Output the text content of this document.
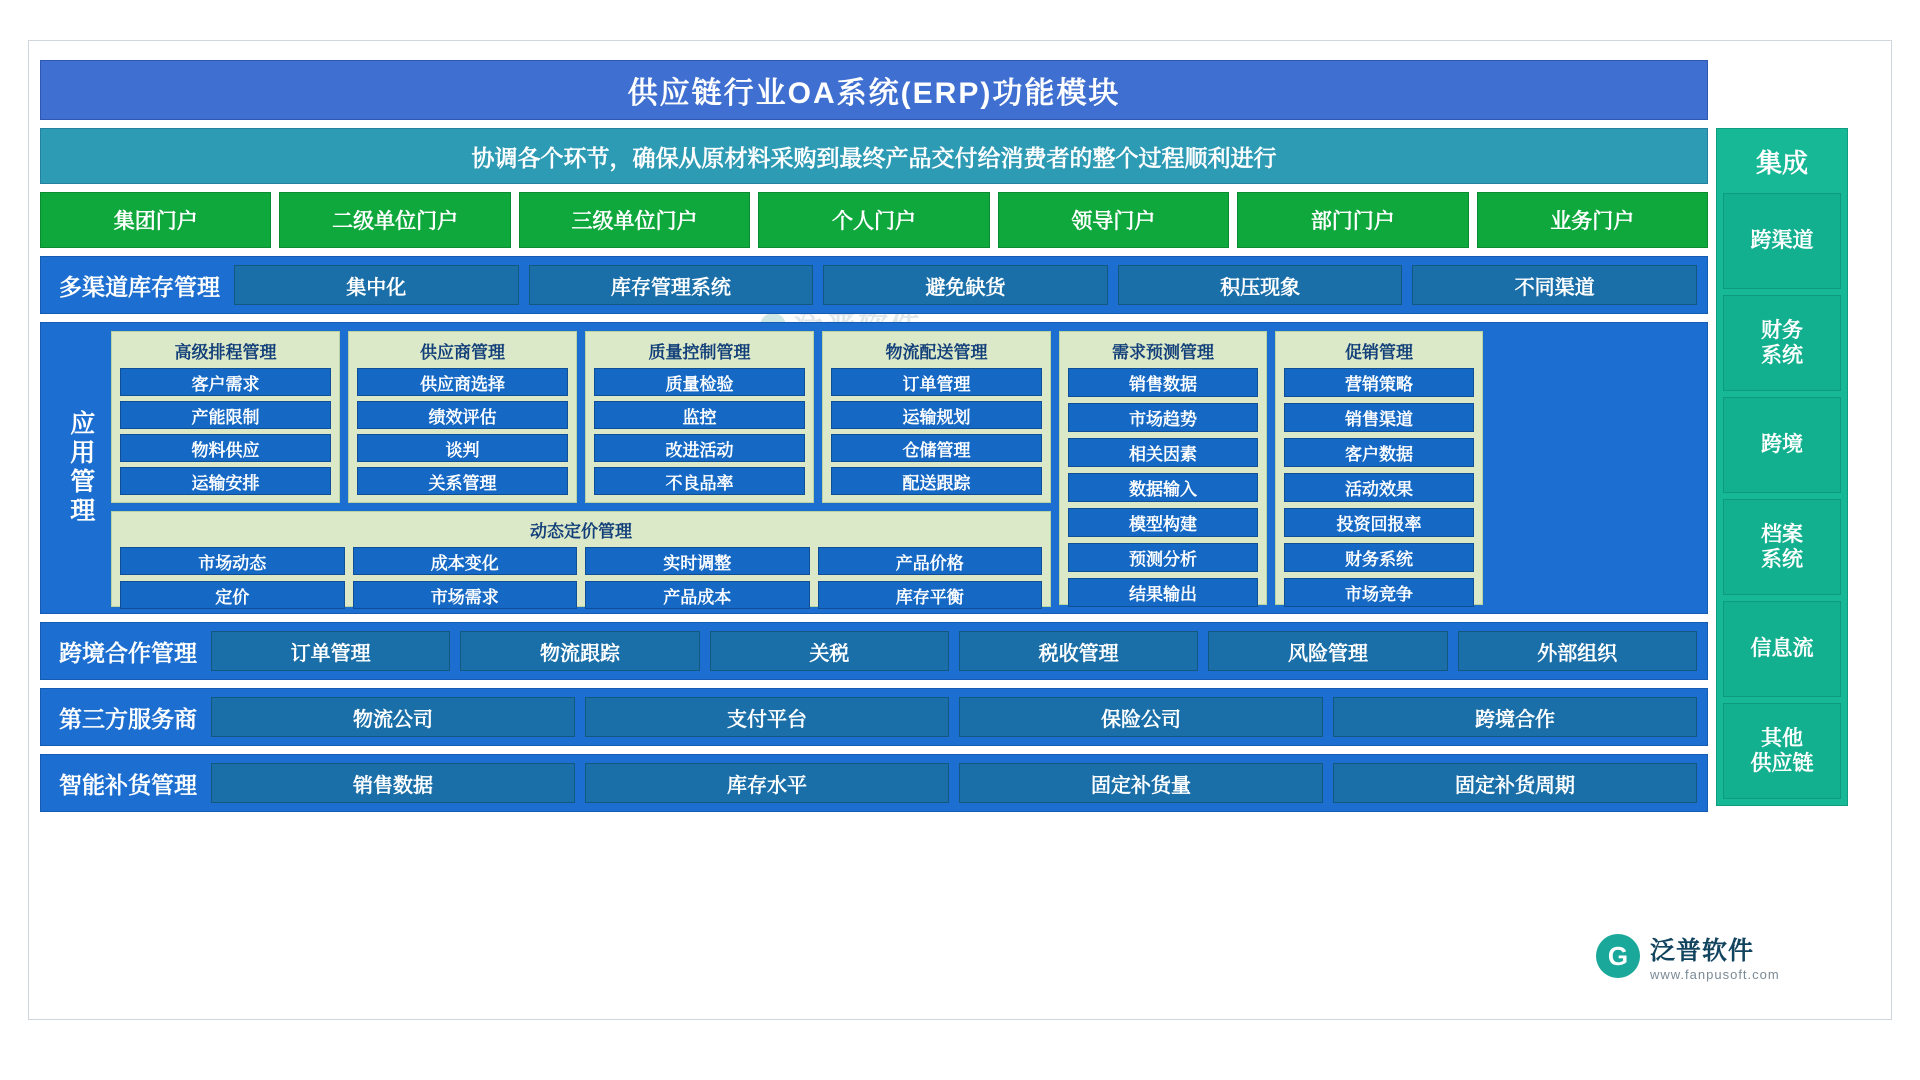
供应链行业OA系统(ERP)功能模块
协调各个环节，确保从原材料采购到最终产品交付给消费者的整个过程顺利进行
集团门户	二级单位门户	三级单位门户	个人门户	领导门户	部门门户	业务门户
多渠道库存管理	集中化	库存管理系统	避免缺货	积压现象	不同渠道
应用管理
高级排程管理
客户需求
产能限制
物料供应
运输安排
供应商管理
供应商选择
绩效评估
谈判
关系管理
质量控制管理
质量检验
监控
改进活动
不良品率
物流配送管理
订单管理
运输规划
仓储管理
配送跟踪
动态定价管理
市场动态	成本变化	实时调整	产品价格
定价	市场需求	产品成本	库存平衡
需求预测管理
销售数据
市场趋势
相关因素
数据输入
模型构建
预测分析
结果输出
促销管理
营销策略
销售渠道
客户数据
活动效果
投资回报率
财务系统
市场竞争
跨境合作管理	订单管理	物流跟踪	关税	税收管理	风险管理	外部组织
第三方服务商	物流公司	支付平台	保险公司	跨境合作
智能补货管理	销售数据	库存水平	固定补货量	固定补货周期
集成
跨渠道
财务
系统
跨境
档案
系统
信息流
其他
供应链
G 泛普软件
www.fanpusoft.com
